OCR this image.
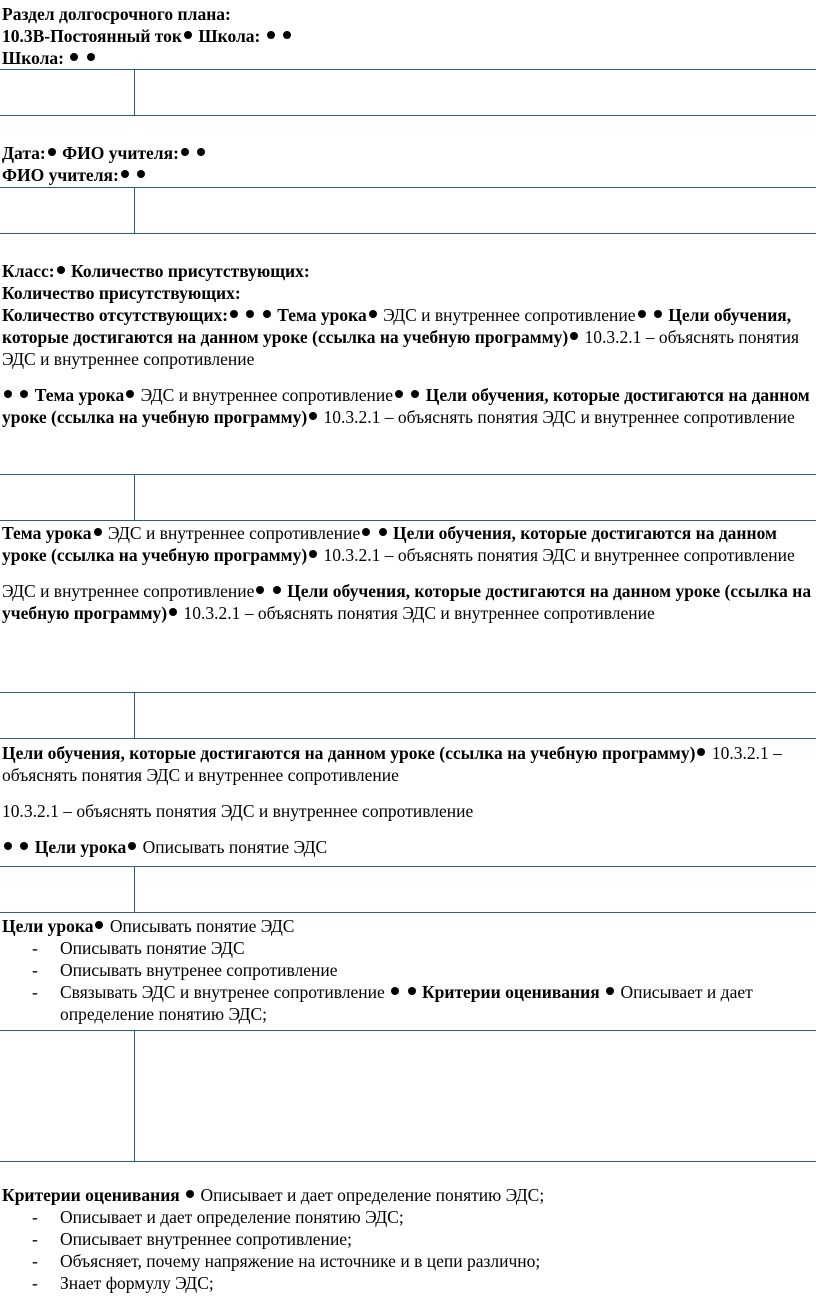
Раздел долгосрочного плана:
10.3В-Постоянный ток Школа:
Школа:
Дата: ФИО учителя:
ФИО учителя:
Класс: Количество присутствующих:
Количество присутствующих:
Количество отсутствующих:	Тема урока ЭДС и внутреннее сопротивление Цели обучения, которые достигаются на данном уроке (ссылка на учебную программу) 10.3.2.1 – объяснять понятия ЭДС и внутреннее сопротивление
Тема урока ЭДС и внутреннее сопротивление Цели обучения, которые достигаются на данном уроке (ссылка на учебную программу) 10.3.2.1 – объяснять понятия ЭДС и внутреннее сопротивление
Тема урока ЭДС и внутреннее сопротивление Цели обучения, которые достигаются на данном уроке (ссылка на учебную программу) 10.3.2.1 – объяснять понятия ЭДС и внутреннее сопротивление
ЭДС и внутреннее сопротивление Цели обучения, которые достигаются на данном уроке (ссылка на учебную программу) 10.3.2.1 – объяснять понятия ЭДС и внутреннее сопротивление
Цели обучения, которые достигаются на данном уроке (ссылка на учебную программу) 10.3.2.1 – объяснять понятия ЭДС и внутреннее сопротивление
10.3.2.1 – объяснять понятия ЭДС и внутреннее сопротивление
Цели урока Описывать понятие ЭДС
Цели урока Описывать понятие ЭДС
- Описывать понятие ЭДС
- Описывать внутренее сопротивление
- Связывать ЭДС и внутренее сопротивление Критерии оценивания Описывает и дает определение понятию ЭДС;
Критерии оценивания Описывает и дает определение понятию ЭДС;
- Описывает и дает определение понятию ЭДС;
- Описывает внутреннее сопротивление;
- Объясняет, почему напряжение на источнике и в цепи различно;
- Знает формулу ЭДС;
